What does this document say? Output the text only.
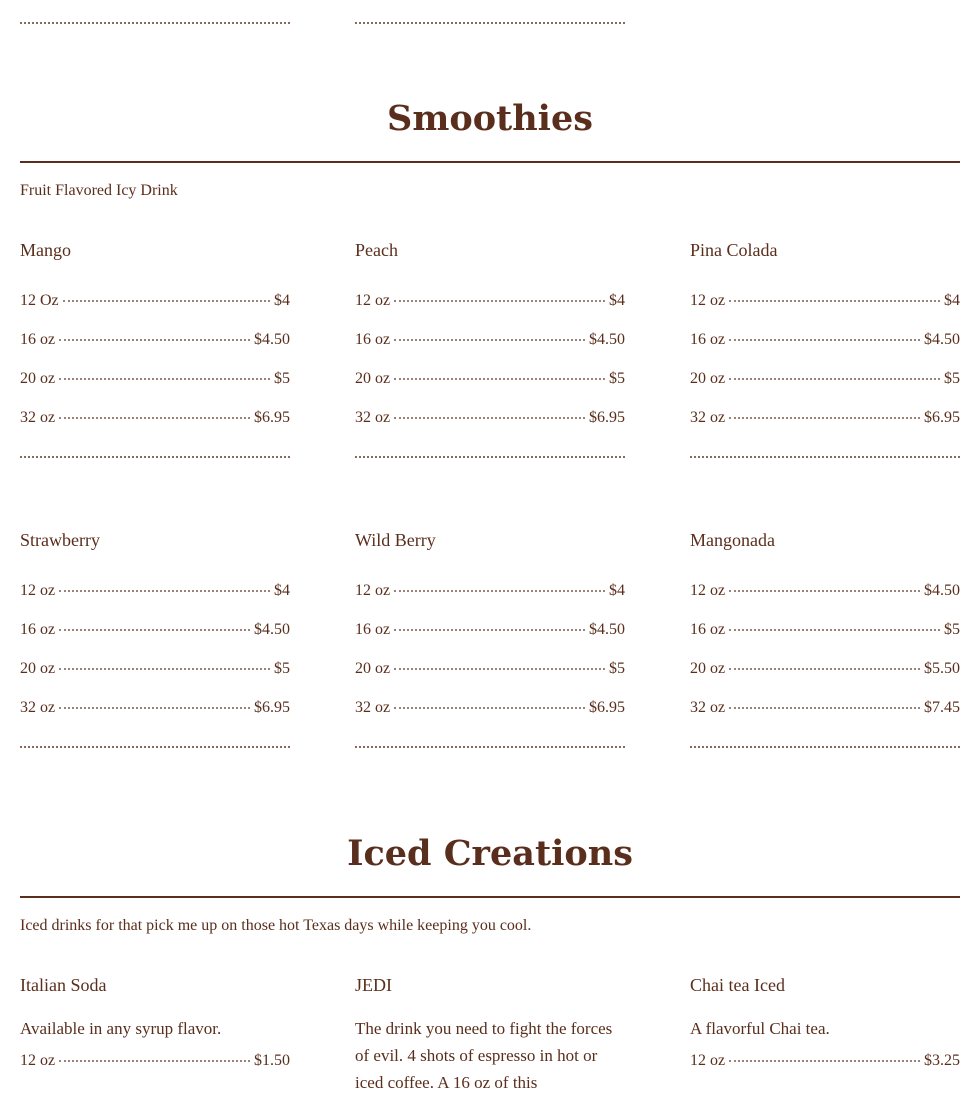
Smoothies
Fruit Flavored Icy Drink
Mango
12 Oz	$4
16 oz	$4.50
20 oz	$5
32 oz	$6.95
Peach
12 oz	$4
16 oz	$4.50
20 oz	$5
32 oz	$6.95
Pina Colada
12 oz	$4
16 oz	$4.50
20 oz	$5
32 oz	$6.95
Strawberry
12 oz	$4
16 oz	$4.50
20 oz	$5
32 oz	$6.95
Wild Berry
12 oz	$4
16 oz	$4.50
20 oz	$5
32 oz	$6.95
Mangonada
12 oz	$4.50
16 oz	$5
20 oz	$5.50
32 oz	$7.45
Iced Creations
Iced drinks for that pick me up on those hot Texas days while keeping you cool.
Italian Soda
Available in any syrup flavor.
12 oz	$1.50
JEDI
The drink you need to fight the forces of evil. 4 shots of espresso in hot or iced coffee. A 16 oz of this
Chai tea Iced
A flavorful Chai tea.
12 oz	$3.25
